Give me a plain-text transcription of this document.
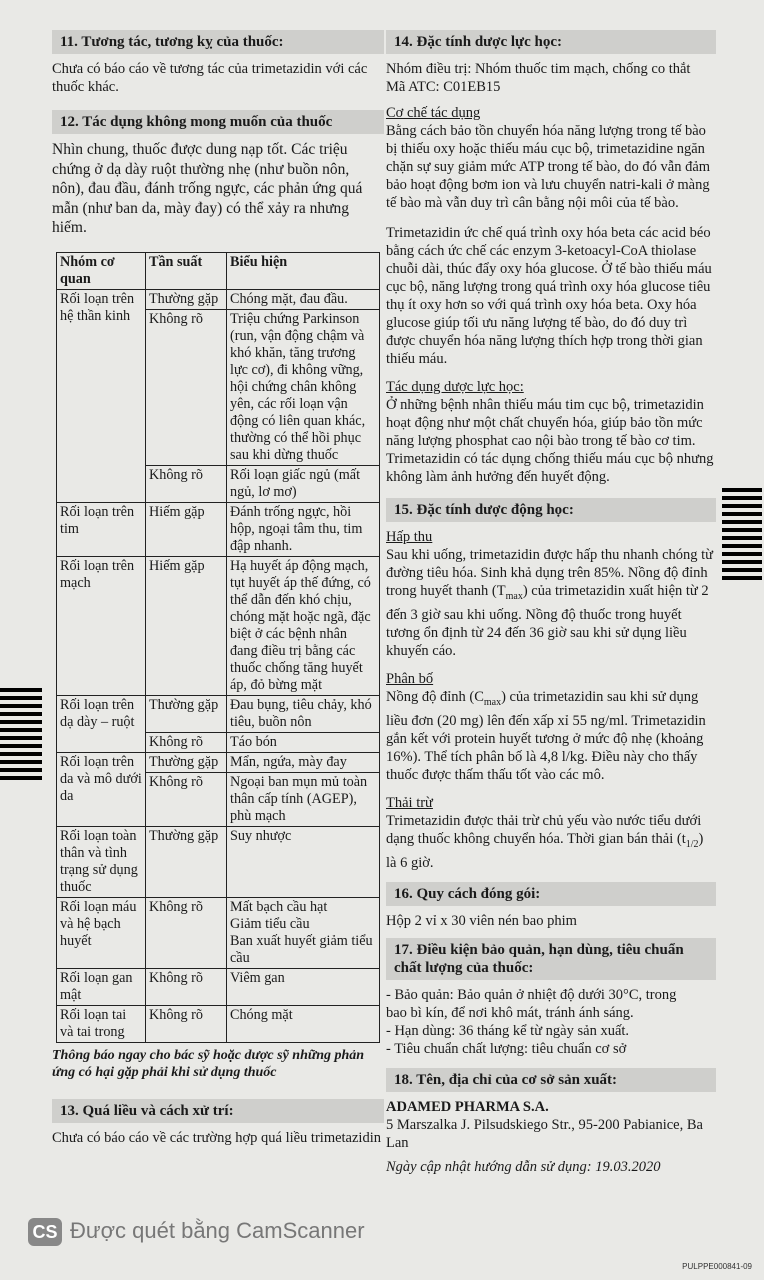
11. Tương tác, tương kỵ của thuốc:

Chưa có báo cáo về tương tác của trimetazidin với các thuốc khác.

12. Tác dụng không mong muốn của thuốc

Nhìn chung, thuốc được dung nạp tốt. Các triệu chứng ở dạ dày ruột thường nhẹ (như buồn nôn, nôn), đau đầu, đánh trống ngực, các phản ứng quá mẫn (như ban da, mày đay) có thể xảy ra nhưng hiếm.

Nhóm cơ quan	Tần suất	Biểu hiện
Rối loạn trên hệ thần kinh	Thường gặp	Chóng mặt, đau đầu.
	Không rõ	Triệu chứng Parkinson (run, vận động chậm và khó khăn, tăng trương lực cơ), đi không vững, hội chứng chân không yên, các rối loạn vận động có liên quan khác, thường có thể hồi phục sau khi dừng thuốc
	Không rõ	Rối loạn giấc ngủ (mất ngủ, lơ mơ)
Rối loạn trên tim	Hiếm gặp	Đánh trống ngực, hồi hộp, ngoại tâm thu, tim đập nhanh.
Rối loạn trên mạch	Hiếm gặp	Hạ huyết áp động mạch, tụt huyết áp thế đứng, có thể dẫn đến khó chịu, chóng mặt hoặc ngã, đặc biệt ở các bệnh nhân đang điều trị bằng các thuốc chống tăng huyết áp, đỏ bừng mặt
Rối loạn trên dạ dày – ruột	Thường gặp	Đau bụng, tiêu chảy, khó tiêu, buồn nôn
	Không rõ	Táo bón
Rối loạn trên da và mô dưới da	Thường gặp	Mẩn, ngứa, mày đay
	Không rõ	Ngoại ban mụn mủ toàn thân cấp tính (AGEP), phù mạch
Rối loạn toàn thân và tình trạng sử dụng thuốc	Thường gặp	Suy nhược
Rối loạn máu và hệ bạch huyết	Không rõ	Mất bạch cầu hạt
Giảm tiểu cầu
Ban xuất huyết giảm tiểu cầu
Rối loạn gan mật	Không rõ	Viêm gan
Rối loạn tai và tai trong	Không rõ	Chóng mặt
Thông báo ngay cho bác sỹ hoặc dược sỹ những phản ứng có hại gặp phải khi sử dụng thuốc
13. Quá liều và cách xử trí:

Chưa có báo cáo về các trường hợp quá liều trimetazidin

14. Đặc tính dược lực học:

Nhóm điều trị: Nhóm thuốc tim mạch, chống co thắt

Mã ATC: C01EB15

Cơ chế tác dụng

Bằng cách bảo tồn chuyển hóa năng lượng trong tế bào bị thiếu oxy hoặc thiếu máu cục bộ, trimetazidine ngăn chặn sự suy giảm mức ATP trong tế bào, do đó vẫn đảm bảo hoạt động bơm ion và lưu chuyển natri-kali ở màng tế bào mà vẫn duy trì cân bằng nội môi của tế bào.

Trimetazidin ức chế quá trình oxy hóa beta các acid béo bằng cách ức chế các enzym 3-ketoacyl-CoA thiolase chuỗi dài, thúc đẩy oxy hóa glucose. Ở tế bào thiếu máu cục bộ, năng lượng trong quá trình oxy hóa glucose tiêu thụ ít oxy hơn so với quá trình oxy hóa beta. Oxy hóa glucose giúp tối ưu năng lượng tế bào, do đó duy trì được chuyển hóa năng lượng thích hợp trong thời gian thiếu máu.

Tác dụng dược lực học:

Ở những bệnh nhân thiếu máu tim cục bộ, trimetazidin hoạt động như một chất chuyển hóa, giúp bảo tồn mức năng lượng phosphat cao nội bào trong tế bào cơ tim. Trimetazidin có tác dụng chống thiếu máu cục bộ nhưng không làm ảnh hưởng đến huyết động.

15. Đặc tính dược động học:

Hấp thu

Sau khi uống, trimetazidin được hấp thu nhanh chóng từ đường tiêu hóa. Sinh khả dụng trên 85%. Nồng độ đỉnh trong huyết thanh $(T_{max})$ của trimetazidin xuất hiện từ 2 đến 3 giờ sau khi uống. Nồng độ thuốc trong huyết tương ổn định từ 24 đến 36 giờ sau khi sử dụng liều khuyến cáo.

Phân bố

Nồng độ đỉnh $(C_{max})$ của trimetazidin sau khi sử dụng liều đơn (20 mg) lên đến xấp xỉ 55 ng/ml. Trimetazidin gắn kết với protein huyết tương ở mức độ nhẹ (khoảng 16%). Thể tích phân bố là 4,8 l/kg. Điều này cho thấy thuốc được thấm thấu tốt vào các mô.

Thải trừ

Trimetazidin được thải trừ chủ yếu vào nước tiểu dưới dạng thuốc không chuyển hóa. Thời gian bán thải $(t_{1/2})$ là 6 giờ.

16. Quy cách đóng gói:

Hộp 2 vỉ x 30 viên nén bao phim

17. Điều kiện bảo quản, hạn dùng, tiêu chuẩn chất lượng của thuốc:

- Bảo quản: Bảo quản ở nhiệt độ dưới 30°C, trong

bao bì kín, để nơi khô mát, tránh ánh sáng.

- Hạn dùng: 36 tháng kể từ ngày sản xuất.

- Tiêu chuẩn chất lượng: tiêu chuẩn cơ sở

18. Tên, địa chỉ của cơ sở sản xuất:

ADAMED PHARMA S.A.

5 Marszalka J. Pilsudskiego Str., 95-200 Pabianice, Ba Lan

Ngày cập nhật hướng dẫn sử dụng: 19.03.2020

CS Được quét bằng CamScanner
PULPPE000841-09
